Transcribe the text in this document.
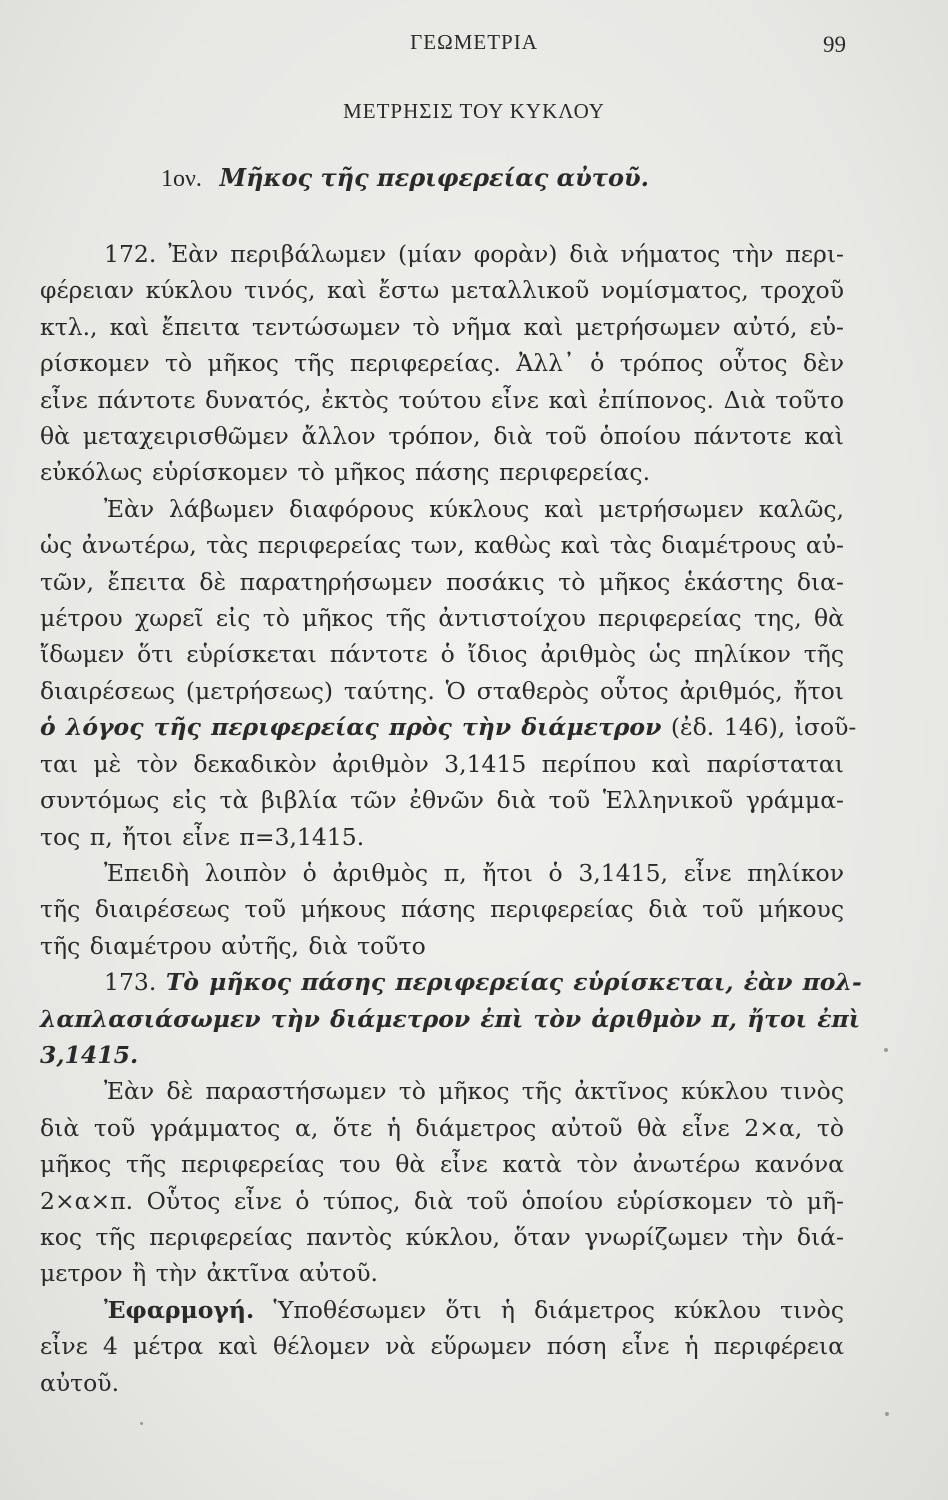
ΓΕΩΜΕΤΡΙΑ	99
ΜΕΤΡΗΣΙΣ ΤΟΥ ΚΥΚΛΟΥ
1ον. Μῆκος τῆς περιφερείας αὐτοῦ.
172. Ἐὰν περιβάλωμεν (μίαν φορὰν) διὰ νήματος τὴν περι-
φέρειαν κύκλου τινός, καὶ ἔστω μεταλλικοῦ νομίσματος, τροχοῦ
κτλ., καὶ ἔπειτα τεντώσωμεν τὸ νῆμα καὶ μετρήσωμεν αὐτό, εὑ-
ρίσκομεν τὸ μῆκος τῆς περιφερείας. Ἀλλ᾽ ὁ τρόπος οὗτος δὲν
εἶνε πάντοτε δυνατός, ἐκτὸς τούτου εἶνε καὶ ἐπίπονος. Διὰ τοῦτο
θὰ μεταχειρισθῶμεν ἄλλον τρόπον, διὰ τοῦ ὁποίου πάντοτε καὶ
εὐκόλως εὑρίσκομεν τὸ μῆκος πάσης περιφερείας.
Ἐὰν λάβωμεν διαφόρους κύκλους καὶ μετρήσωμεν καλῶς,
ὡς ἀνωτέρω, τὰς περιφερείας των, καθὼς καὶ τὰς διαμέτρους αὐ-
τῶν, ἔπειτα δὲ παρατηρήσωμεν ποσάκις τὸ μῆκος ἑκάστης δια-
μέτρου χωρεῖ εἰς τὸ μῆκος τῆς ἀντιστοίχου περιφερείας της, θὰ
ἴδωμεν ὅτι εὑρίσκεται πάντοτε ὁ ἴδιος ἀριθμὸς ὡς πηλίκον τῆς
διαιρέσεως (μετρήσεως) ταύτης. Ὁ σταθερὸς οὗτος ἀριθμός, ἤτοι
ὁ λόγος τῆς περιφερείας πρὸς τὴν διάμετρον (ἐδ. 146), ἰσοῦ-
ται μὲ τὸν δεκαδικὸν ἀριθμὸν 3,1415 περίπου καὶ παρίσταται
συντόμως εἰς τὰ βιβλία τῶν ἐθνῶν διὰ τοῦ Ἑλληνικοῦ γράμμα-
τος π, ἤτοι εἶνε π=3,1415.
Ἐπειδὴ λοιπὸν ὁ ἀριθμὸς π, ἤτοι ὁ 3,1415, εἶνε πηλίκον
τῆς διαιρέσεως τοῦ μήκους πάσης περιφερείας διὰ τοῦ μήκους
τῆς διαμέτρου αὐτῆς, διὰ τοῦτο
173. Τὸ μῆκος πάσης περιφερείας εὑρίσκεται, ἐὰν πολ-
λαπλασιάσωμεν τὴν διάμετρον ἐπὶ τὸν ἀριθμὸν π, ἤτοι ἐπὶ
3,1415.
Ἐὰν δὲ παραστήσωμεν τὸ μῆκος τῆς ἀκτῖνος κύκλου τινὸς
διὰ τοῦ γράμματος α, ὅτε ἡ διάμετρος αὐτοῦ θὰ εἶνε 2×α, τὸ
μῆκος τῆς περιφερείας του θὰ εἶνε κατὰ τὸν ἀνωτέρω κανόνα
2×α×π. Οὗτος εἶνε ὁ τύπος, διὰ τοῦ ὁποίου εὑρίσκομεν τὸ μῆ-
κος τῆς περιφερείας παντὸς κύκλου, ὅταν γνωρίζωμεν τὴν διά-
μετρον ἢ τὴν ἀκτῖνα αὐτοῦ.
Ἐφαρμογή. Ὑποθέσωμεν ὅτι ἡ διάμετρος κύκλου τινὸς
εἶνε 4 μέτρα καὶ θέλομεν νὰ εὕρωμεν πόση εἶνε ἡ περιφέρεια
αὐτοῦ.
